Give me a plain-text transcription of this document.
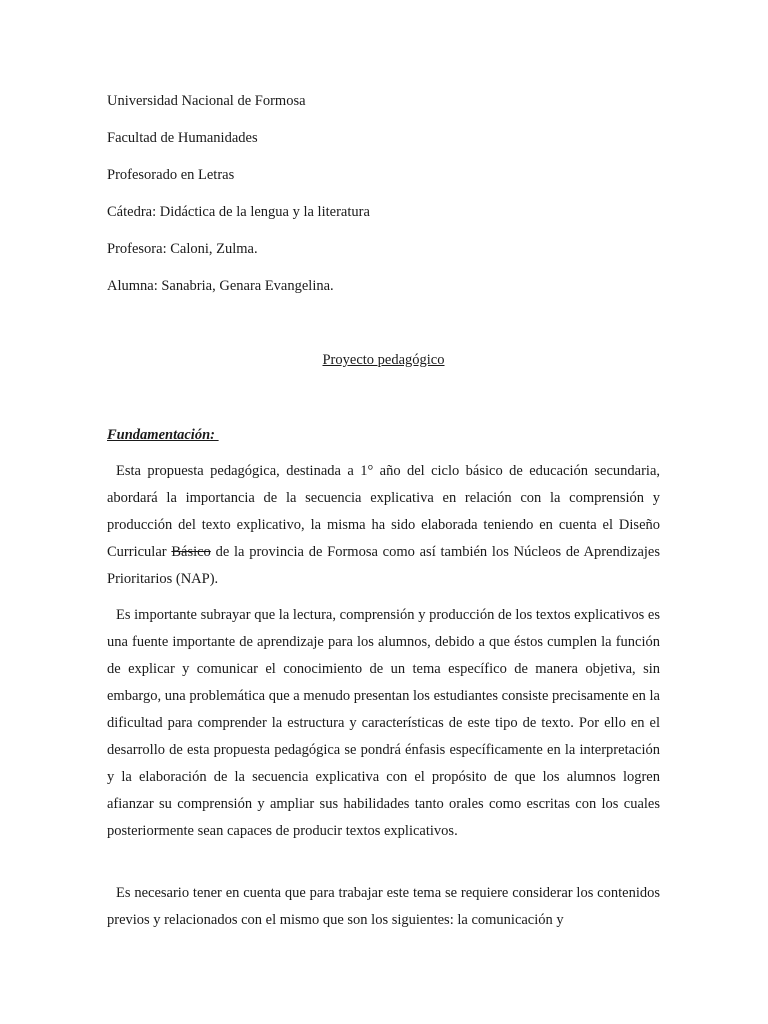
Universidad Nacional de Formosa
Facultad de Humanidades
Profesorado en Letras
Cátedra: Didáctica de la lengua y la literatura
Profesora: Caloni, Zulma.
Alumna: Sanabria, Genara Evangelina.
Proyecto pedagógico
Fundamentación:

Esta propuesta pedagógica, destinada a 1° año del ciclo básico de educación secundaria, abordará la importancia de la secuencia explicativa en relación con la comprensión y producción del texto explicativo, la misma ha sido elaborada teniendo en cuenta el Diseño Curricular Básico de la provincia de Formosa como así también los Núcleos de Aprendizajes Prioritarios (NAP).

Es importante subrayar que la lectura, comprensión y producción de los textos explicativos es una fuente importante de aprendizaje para los alumnos, debido a que éstos cumplen la función de explicar y comunicar el conocimiento de un tema específico de manera objetiva, sin embargo, una problemática que a menudo presentan los estudiantes consiste precisamente en la dificultad para comprender la estructura y características de este tipo de texto. Por ello en el desarrollo de esta propuesta pedagógica se pondrá énfasis específicamente en la interpretación y la elaboración de la secuencia explicativa con el propósito de que los alumnos logren afianzar su comprensión y ampliar sus habilidades tanto orales como escritas con los cuales posteriormente sean capaces de producir textos explicativos.

Es necesario tener en cuenta que para trabajar este tema se requiere considerar los contenidos previos y relacionados con el mismo que son los siguientes: la comunicación y
